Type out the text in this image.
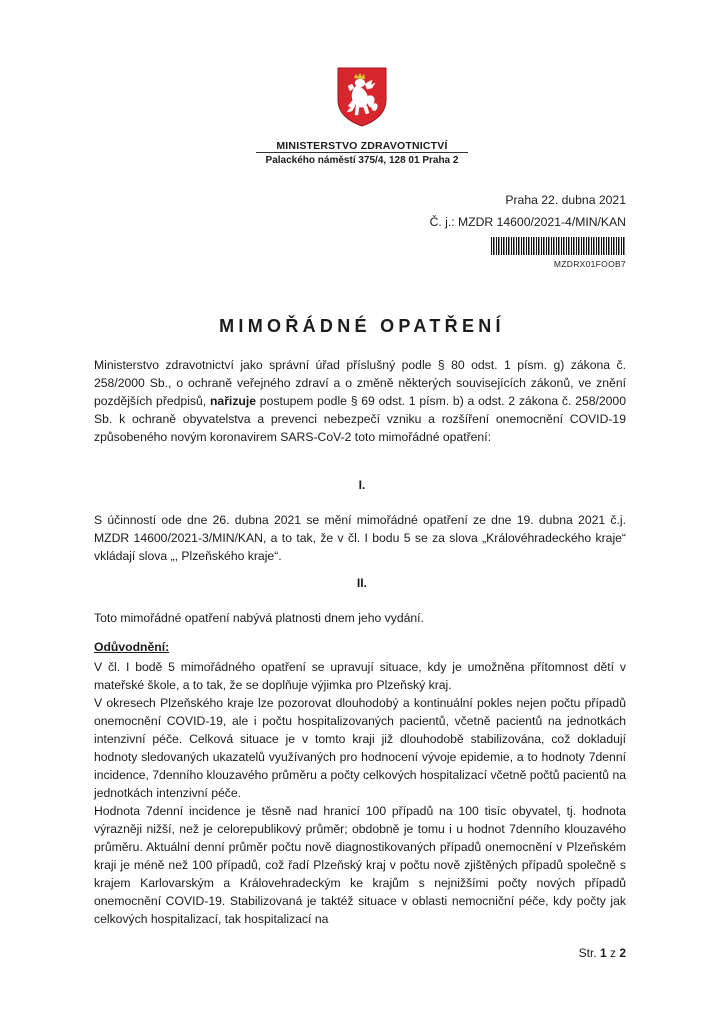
MINISTERSTVO ZDRAVOTNICTVÍ
Palackého náměstí 375/4, 128 01 Praha 2
Praha 22. dubna 2021
Č. j.: MZDR 14600/2021-4/MIN/KAN
MZDRX01FOOB7
MIMOŘÁDNÉ OPATŘENÍ

Ministerstvo zdravotnictví jako správní úřad příslušný podle § 80 odst. 1 písm. g) zákona č. 258/2000 Sb., o ochraně veřejného zdraví a o změně některých souvisejících zákonů, ve znění pozdějších předpisů, nařizuje postupem podle § 69 odst. 1 písm. b) a odst. 2 zákona č. 258/2000 Sb. k ochraně obyvatelstva a prevenci nebezpečí vzniku a rozšíření onemocnění COVID-19 způsobeného novým koronavirem SARS-CoV-2 toto mimořádné opatření:

I.

S účinností ode dne 26. dubna 2021 se mění mimořádné opatření ze dne 19. dubna 2021 č.j. MZDR 14600/2021-3/MIN/KAN, a to tak, že v čl. I bodu 5 se za slova „Královéhradeckého kraje“ vkládají slova „, Plzeňského kraje“.

II.

Toto mimořádné opatření nabývá platnosti dnem jeho vydání.

Odůvodnění:

V čl. I bodě 5 mimořádného opatření se upravují situace, kdy je umožněna přítomnost dětí v mateřské škole, a to tak, že se doplňuje výjimka pro Plzeňský kraj.

V okresech Plzeňského kraje lze pozorovat dlouhodobý a kontinuální pokles nejen počtu případů onemocnění COVID-19, ale i počtu hospitalizovaných pacientů, včetně pacientů na jednotkách intenzivní péče. Celková situace je v tomto kraji již dlouhodobě stabilizována, což dokladují hodnoty sledovaných ukazatelů využívaných pro hodnocení vývoje epidemie, a to hodnoty 7denní incidence, 7denního klouzavého průměru a počty celkových hospitalizací včetně počtů pacientů na jednotkách intenzivní péče.

Hodnota 7denní incidence je těsně nad hranicí 100 případů na 100 tisíc obyvatel, tj. hodnota výrazněji nižší, než je celorepublikový průměr; obdobně je tomu i u hodnot 7denního klouzavého průměru. Aktuální denní průměr počtu nově diagnostikovaných případů onemocnění v Plzeňském kraji je méně než 100 případů, což řadí Plzeňský kraj v počtu nově zjištěných případů společně s krajem Karlovarským a Královehradeckým ke krajům s nejnižšími počty nových případů onemocnění COVID-19. Stabilizovaná je taktéž situace v oblasti nemocniční péče, kdy počty jak celkových hospitalizací, tak hospitalizací na

Str. 1 z 2
